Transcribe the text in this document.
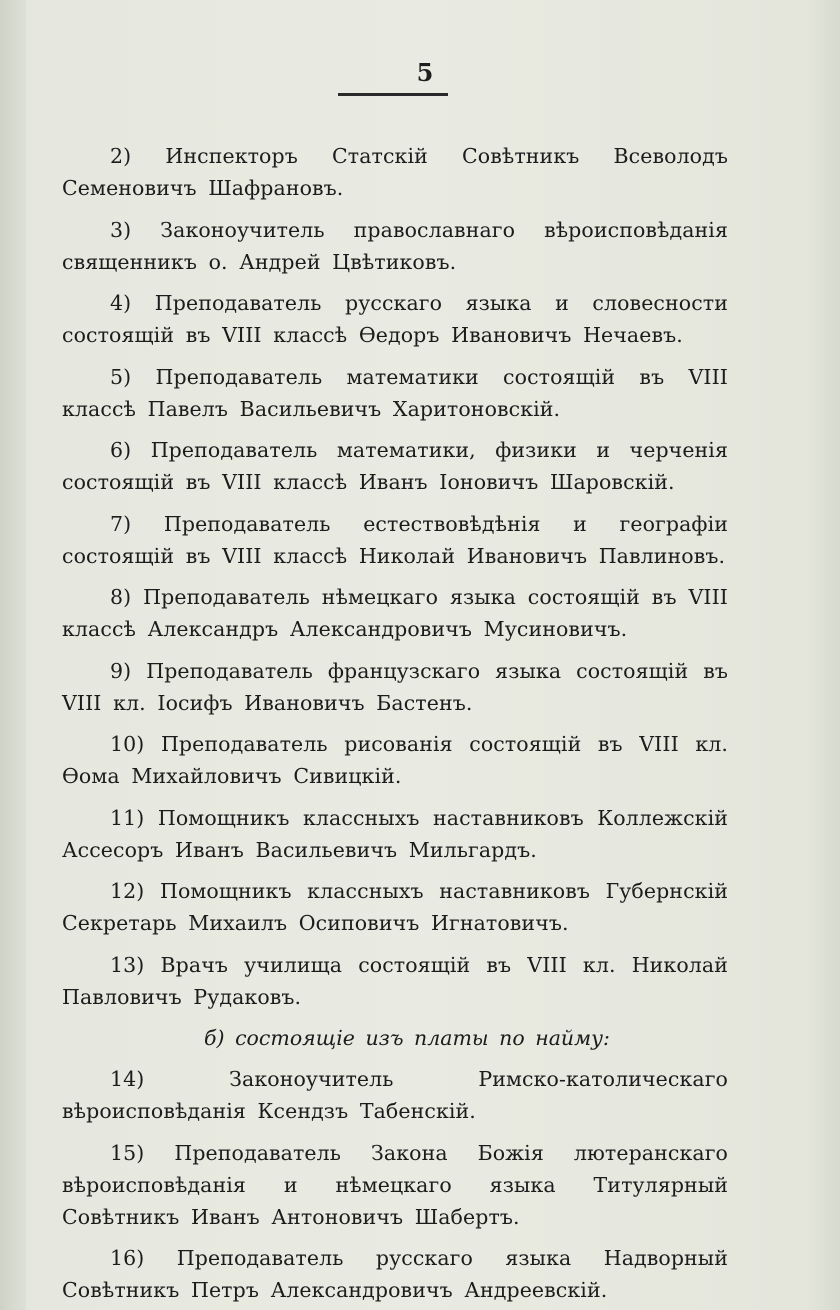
5

2) Инспекторъ Статскій Совѣтникъ Всеволодъ Семеновичъ Шафрановъ.

3) Законоучитель православнаго вѣроисповѣданія священникъ о. Андрей Цвѣтиковъ.

4) Преподаватель русскаго языка и словесности состоящій въ VIII классѣ Ѳедоръ Ивановичъ Нечаевъ.

5) Преподаватель математики состоящій въ VIII классѣ Павелъ Васильевичъ Харитоновскій.

6) Преподаватель математики, физики и черченія состоящій въ VIII классѣ Иванъ Іоновичъ Шаровскій.

7) Преподаватель естествовѣдѣнія и географіи состоящій въ VIII классѣ Николай Ивановичъ Павлиновъ.

8) Преподаватель нѣмецкаго языка состоящій въ VIII классѣ Александръ Александровичъ Мусиновичъ.

9) Преподаватель французскаго языка состоящій въ VIII кл. Іосифъ Ивановичъ Бастенъ.

10) Преподаватель рисованія состоящій въ VIII кл. Ѳома Михайловичъ Сивицкій.

11) Помощникъ классныхъ наставниковъ Коллежскій Ассесоръ Иванъ Васильевичъ Мильгардъ.

12) Помощникъ классныхъ наставниковъ Губернскій Секретарь Михаилъ Осиповичъ Игнатовичъ.

13) Врачъ училища состоящій въ VIII кл. Николай Павловичъ Рудаковъ.

б) состоящіе изъ платы по найму:

14) Законоучитель Римско-католическаго вѣроисповѣданія Ксендзъ Табенскій.

15) Преподаватель Закона Божія лютеранскаго вѣроисповѣданія и нѣмецкаго языка Титулярный Совѣтникъ Иванъ Антоновичъ Шабертъ.

16) Преподаватель русскаго языка Надворный Совѣтникъ Петръ Александровичъ Андреевскій.
